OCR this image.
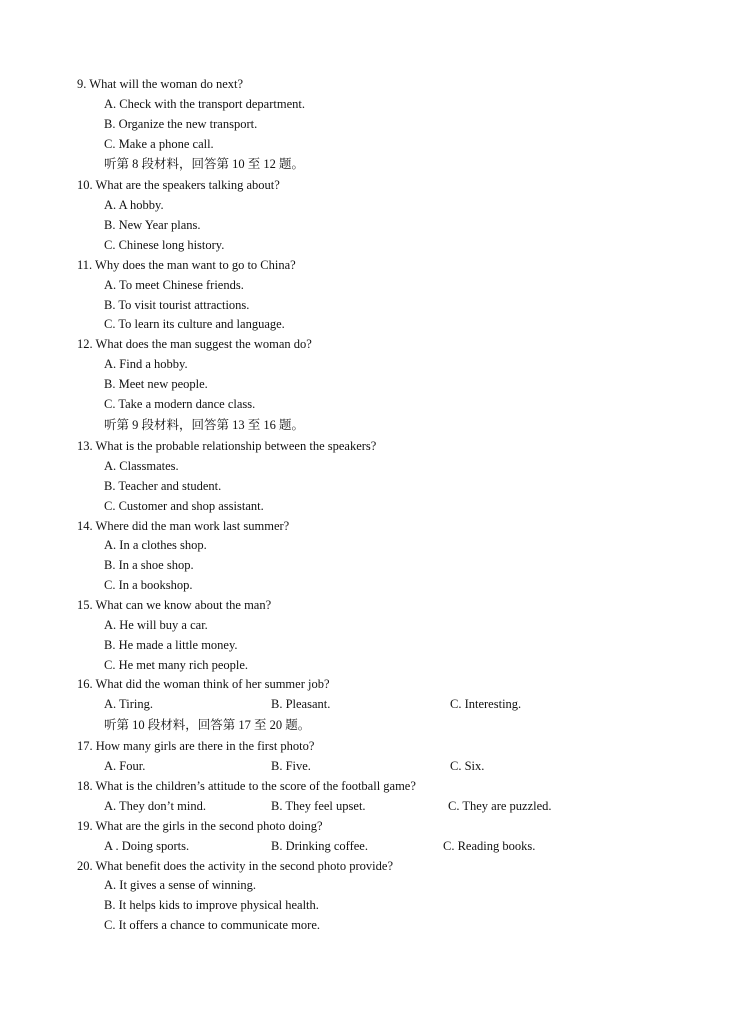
9. What will the woman do next?
A. Check with the transport department.
B. Organize the new transport.
C. Make a phone call.
听第 8 段材料，回答第 10 至 12 题。
10. What are the speakers talking about?
A. A hobby.
B. New Year plans.
C. Chinese long history.
11. Why does the man want to go to China?
A. To meet Chinese friends.
B. To visit tourist attractions.
C. To learn its culture and language.
12. What does the man suggest the woman do?
A. Find a hobby.
B. Meet new people.
C. Take a modern dance class.
听第 9 段材料，回答第 13 至 16 题。
13. What is the probable relationship between the speakers?
A. Classmates.
B. Teacher and student.
C. Customer and shop assistant.
14. Where did the man work last summer?
A. In a clothes shop.
B. In a shoe shop.
C. In a bookshop.
15. What can we know about the man?
A. He will buy a car.
B. He made a little money.
C. He met many rich people.
16. What did the woman think of her summer job?
A. Tiring.	B. Pleasant.	C. Interesting.
听第 10 段材料，回答第 17 至 20 题。
17. How many girls are there in the first photo?
A. Four.	B. Five.	C. Six.
18. What is the children’s attitude to the score of the football game?
A. They don’t mind.	B. They feel upset.	C. They are puzzled.
19. What are the girls in the second photo doing?
A . Doing sports.	B. Drinking coffee.	C. Reading books.
20. What benefit does the activity in the second photo provide?
A. It gives a sense of winning.
B. It helps kids to improve physical health.
C. It offers a chance to communicate more.
